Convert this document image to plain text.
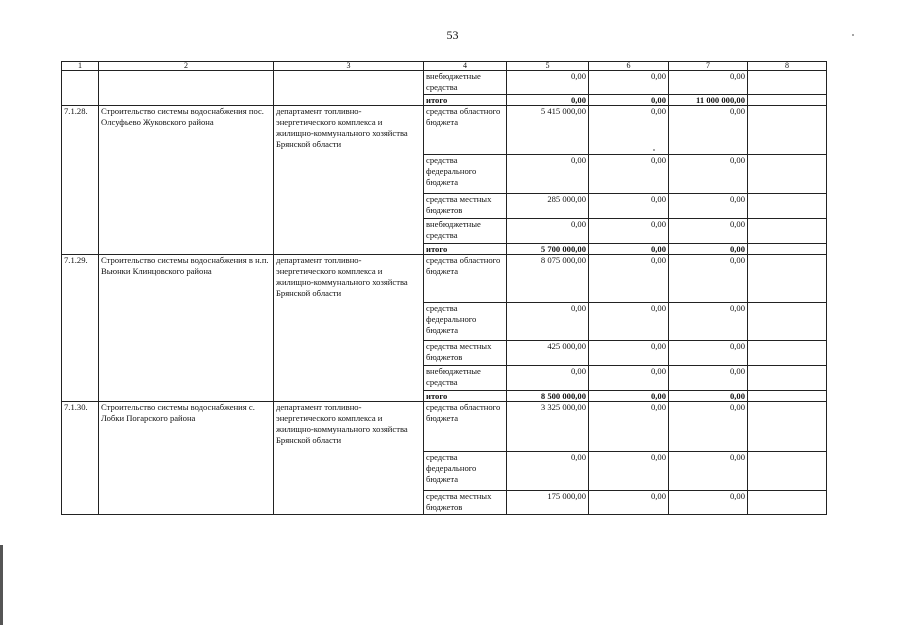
53
1	2	3	4	5	6	7	8
			внебюджетные средства	0,00	0,00	0,00	
			итого	0,00	0,00	11 000 000,00	
7.1.28.	Строительство системы водоснабжения пос. Олсуфьево Жуковского района	департамент топливно-энергетического комплекса и жилищно-коммунального хозяйства Брянской области	средства областного бюджета	5 415 000,00	0,00	0,00	
			средства федерального бюджета	0,00	0,00	0,00	
			средства местных бюджетов	285 000,00	0,00	0,00	
			внебюджетные средства	0,00	0,00	0,00	
			итого	5 700 000,00	0,00	0,00	
7.1.29.	Строительство системы водоснабжения в н.п. Вьюнки Клинцовского района	департамент топливно-энергетического комплекса и жилищно-коммунального хозяйства Брянской области	средства областного бюджета	8 075 000,00	0,00	0,00	
			средства федерального бюджета	0,00	0,00	0,00	
			средства местных бюджетов	425 000,00	0,00	0,00	
			внебюджетные средства	0,00	0,00	0,00	
			итого	8 500 000,00	0,00	0,00	
7.1.30.	Строительство системы водоснабжения с. Лобки Погарского района	департамент топливно-энергетического комплекса и жилищно-коммунального хозяйства Брянской области	средства областного бюджета	3 325 000,00	0,00	0,00	
			средства федерального бюджета	0,00	0,00	0,00	
			средства местных бюджетов	175 000,00	0,00	0,00	
